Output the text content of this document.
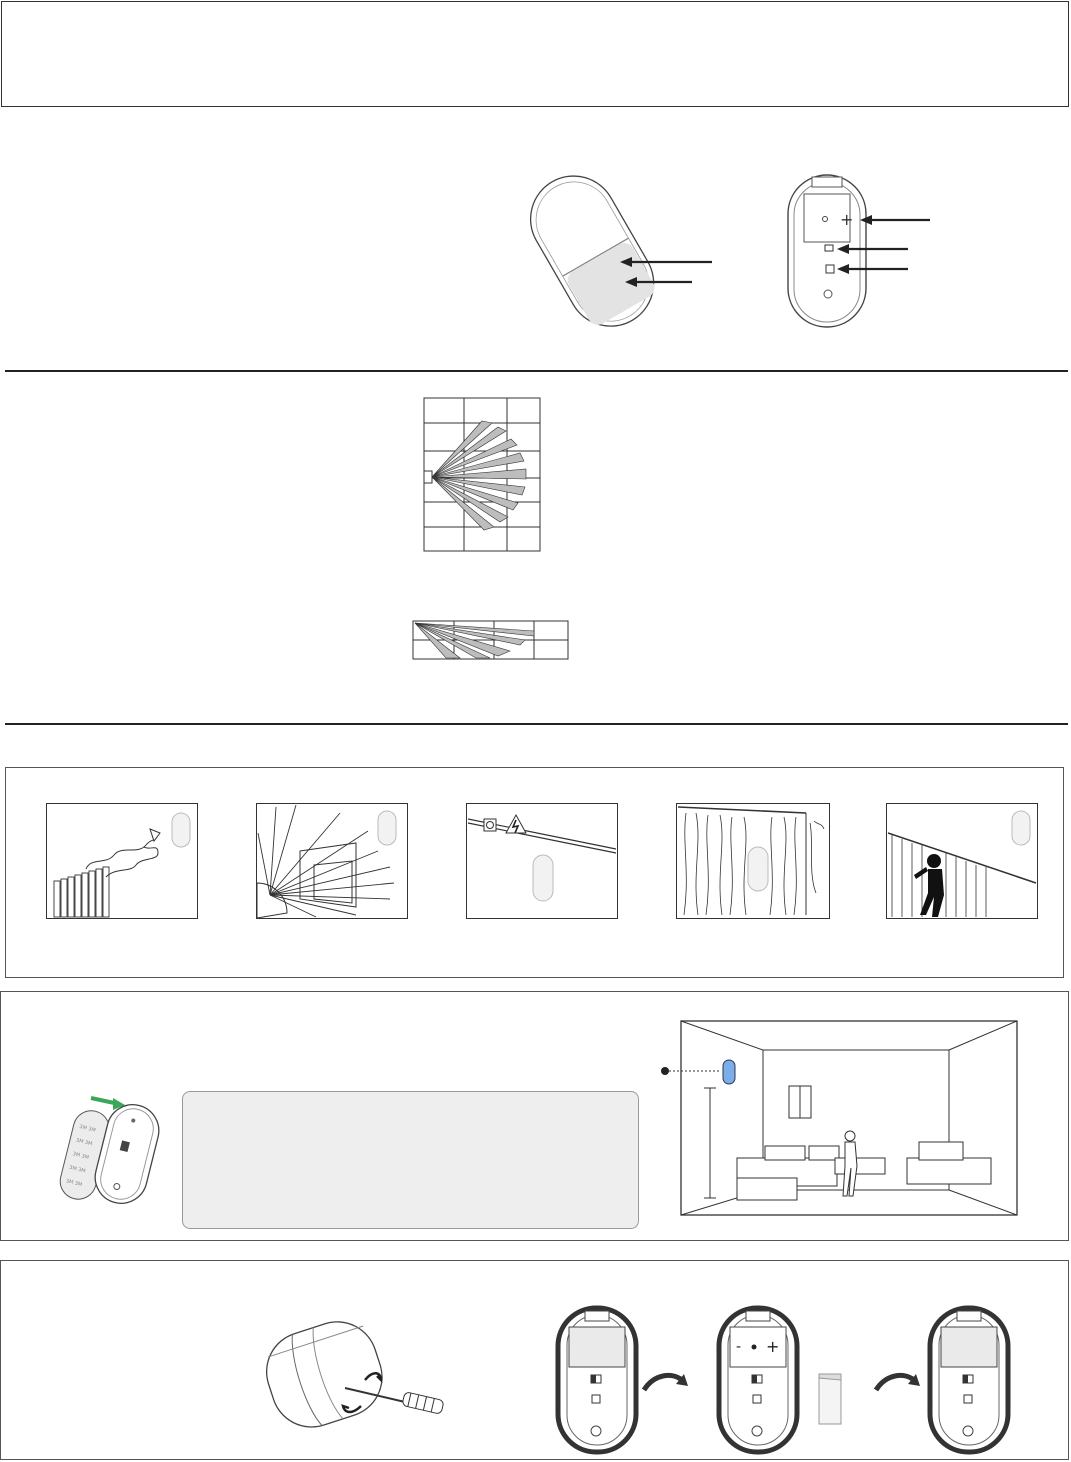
+
3M 3M
3M 3M
3M 3M
3M 3M
3M 3M
- +
